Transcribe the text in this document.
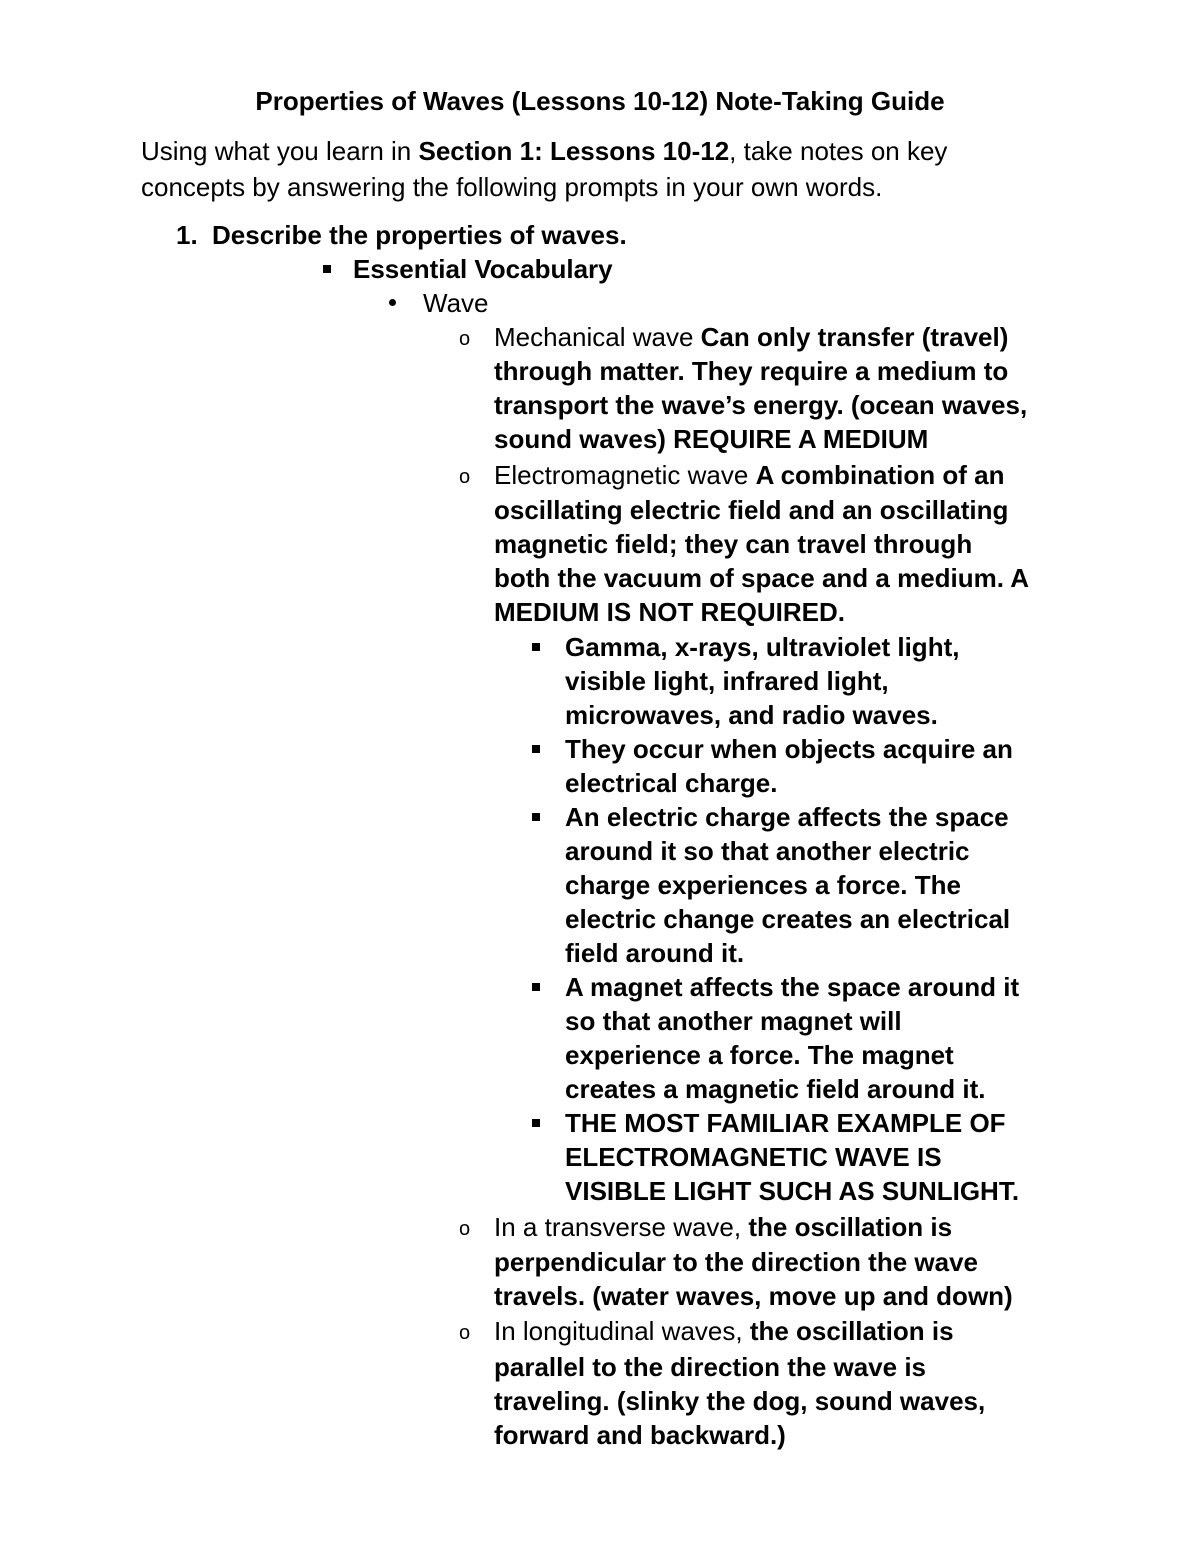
Properties of Waves (Lessons 10-12) Note-Taking Guide

Using what you learn in Section 1: Lessons 10-12, take notes on key concepts by answering the following prompts in your own words.

1. Describe the properties of waves.
Essential Vocabulary
Wave
o Mechanical wave Can only transfer (travel)
through matter. They require a medium to
transport the wave’s energy. (ocean waves,
sound waves) REQUIRE A MEDIUM
o Electromagnetic wave A combination of an
oscillating electric field and an oscillating
magnetic field; they can travel through
both the vacuum of space and a medium. A
MEDIUM IS NOT REQUIRED.
Gamma, x-rays, ultraviolet light,
visible light, infrared light,
microwaves, and radio waves.
They occur when objects acquire an
electrical charge.
An electric charge affects the space
around it so that another electric
charge experiences a force. The
electric change creates an electrical
field around it.
A magnet affects the space around it
so that another magnet will
experience a force. The magnet
creates a magnetic field around it.
THE MOST FAMILIAR EXAMPLE OF
ELECTROMAGNETIC WAVE IS
VISIBLE LIGHT SUCH AS SUNLIGHT.
o In a transverse wave, the oscillation is
perpendicular to the direction the wave
travels. (water waves, move up and down)
o In longitudinal waves, the oscillation is
parallel to the direction the wave is
traveling. (slinky the dog, sound waves,
forward and backward.)
